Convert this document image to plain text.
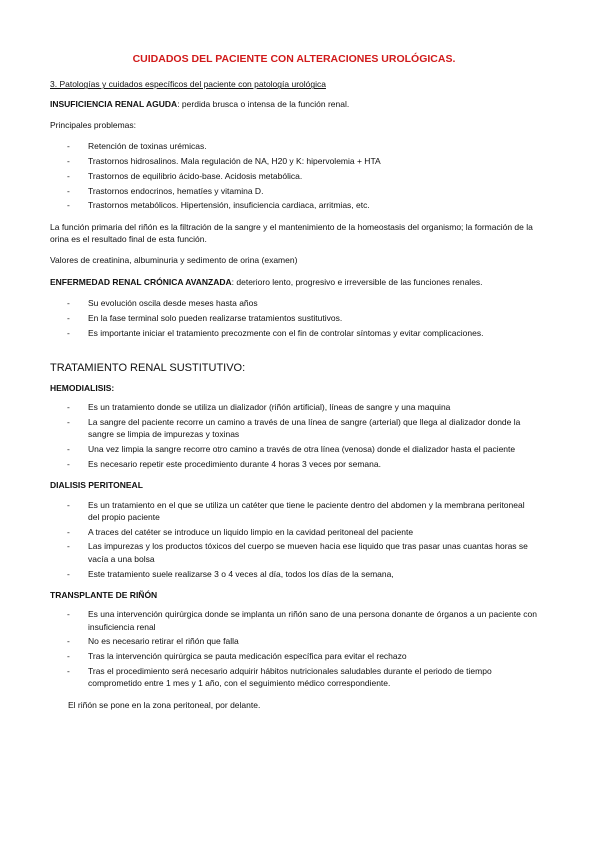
CUIDADOS DEL PACIENTE CON ALTERACIONES UROLÓGICAS.
3. Patologías y cuidados específicos del paciente con patología urológica

INSUFICIENCIA RENAL AGUDA: perdida brusca o intensa de la función renal.

Principales problemas:

- Retención de toxinas urémicas.
- Trastornos hidrosalinos. Mala regulación de NA, H20 y K: hipervolemia + HTA
- Trastornos de equilibrio ácido-base. Acidosis metabólica.
- Trastornos endocrinos, hematíes y vitamina D.
- Trastornos metabólicos. Hipertensión, insuficiencia cardiaca, arritmias, etc.

La función primaria del riñón es la filtración de la sangre y el mantenimiento de la homeostasis del organismo; la formación de la orina es el resultado final de esta función.

Valores de creatinina, albuminuria y sedimento de orina (examen)

ENFERMEDAD RENAL CRÓNICA AVANZADA: deterioro lento, progresivo e irreversible de las funciones renales.

- Su evolución oscila desde meses hasta años
- En la fase terminal solo pueden realizarse tratamientos sustitutivos.
- Es importante iniciar el tratamiento precozmente con el fin de controlar síntomas y evitar complicaciones.
TRATAMIENTO RENAL SUSTITUTIVO:
HEMODIALISIS:
- Es un tratamiento donde se utiliza un dializador (riñón artificial), líneas de sangre y una maquina
- La sangre del paciente recorre un camino a través de una línea de sangre (arterial) que llega al dializador donde la sangre se limpia de impurezas y toxinas
- Una vez limpia la sangre recorre otro camino a través de otra línea (venosa) donde el dializador hasta el paciente
- Es necesario repetir este procedimiento durante 4 horas 3 veces por semana.
DIALISIS PERITONEAL
- Es un tratamiento en el que se utiliza un catéter que tiene le paciente dentro del abdomen y la membrana peritoneal del propio paciente
- A traces del catéter se introduce un liquido limpio en la cavidad peritoneal del paciente
- Las impurezas y los productos tóxicos del cuerpo se mueven hacia ese liquido que tras pasar unas cuantas horas se vacía a una bolsa
- Este tratamiento suele realizarse 3 o 4 veces al día, todos los días de la semana,
TRANSPLANTE DE RIÑÓN
- Es una intervención quirúrgica donde se implanta un riñón sano de una persona donante de órganos a un paciente con insuficiencia renal
- No es necesario retirar el riñón que falla
- Tras la intervención quirúrgica se pauta medicación específica para evitar el rechazo
- Tras el procedimiento será necesario adquirir hábitos nutricionales saludables durante el periodo de tiempo comprometido entre 1 mes y 1 año, con el seguimiento médico correspondiente.
El riñón se pone en la zona peritoneal, por delante.
